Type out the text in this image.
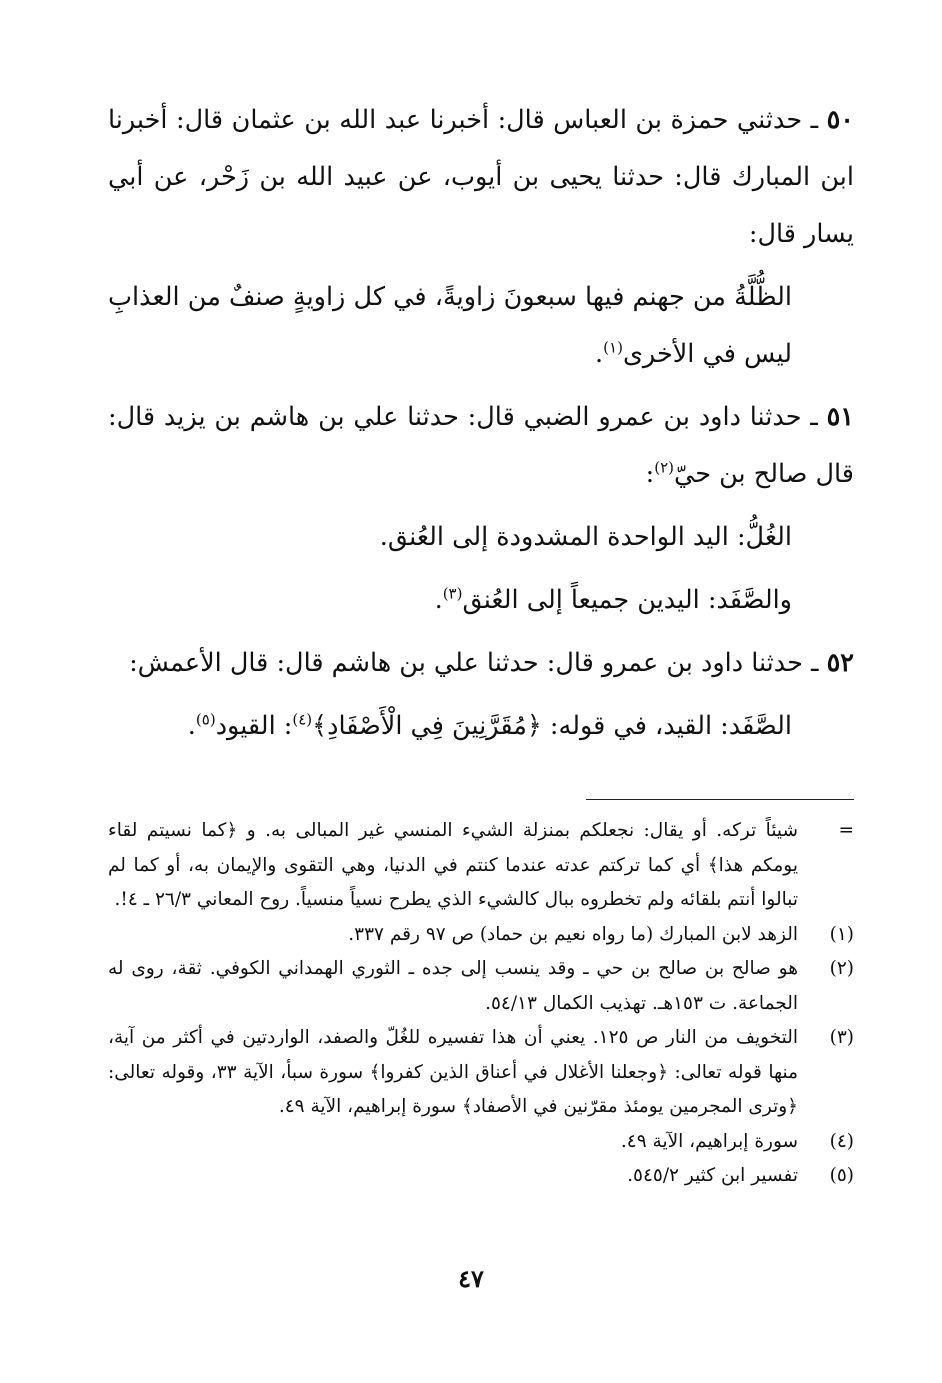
٥٠ ـ حدثني حمزة بن العباس قال: أخبرنا عبد الله بن عثمان قال: أخبرنا ابن المبارك قال: حدثنا يحيى بن أيوب، عن عبيد الله بن زَحْر، عن أبي يسار قال:

الظُّلَّةُ من جهنم فيها سبعونَ زاويةً، في كل زاويةٍ صنفٌ من العذابِ ليس في الأخرى$^{(١)}$.

٥١ ـ حدثنا داود بن عمرو الضبي قال: حدثنا علي بن هاشم بن يزيد قال: قال صالح بن حيّ$^{(٢)}$:

الغُلُّ: اليد الواحدة المشدودة إلى العُنق.

والصَّفَد: اليدين جميعاً إلى العُنق$^{(٣)}$.

٥٢ ـ حدثنا داود بن عمرو قال: حدثنا علي بن هاشم قال: قال الأعمش:

الصَّفَد: القيد، في قوله: ﴿مُقَرَّنِينَ فِي الْأَصْفَادِ﴾$^{(٤)}$: القيود$^{(٥)}$.

=
شيئاً تركه. أو يقال: نجعلكم بمنزلة الشيء المنسي غير المبالى به. و ﴿كما نسيتم لقاء يومكم هذا﴾ أي كما تركتم عدته عندما كنتم في الدنيا، وهي التقوى والإيمان به، أو كما لم تبالوا أنتم بلقائه ولم تخطروه ببال كالشيء الذي يطرح نسياً منسياً. روح المعاني ٢٦/٣ ـ ٤!.
(١)
الزهد لابن المبارك (ما رواه نعيم بن حماد) ص ٩٧ رقم ٣٣٧.
(٢)
هو صالح بن صالح بن حي ـ وقد ينسب إلى جده ـ الثوري الهمداني الكوفي. ثقة، روى له الجماعة. ت ١٥٣هـ. تهذيب الكمال ٥٤/١٣.
(٣)
التخويف من النار ص ١٢٥. يعني أن هذا تفسيره للغُلّ والصفد، الواردتين في أكثر من آية، منها قوله تعالى: ﴿وجعلنا الأغلال في أعناق الذين كفروا﴾ سورة سبأ، الآية ٣٣، وقوله تعالى: ﴿وترى المجرمين يومئذ مقرّنين في الأصفاد﴾ سورة إبراهيم، الآية ٤٩.
(٤)
سورة إبراهيم، الآية ٤٩.
(٥)
تفسير ابن كثير ٥٤٥/٢.
٤٧
